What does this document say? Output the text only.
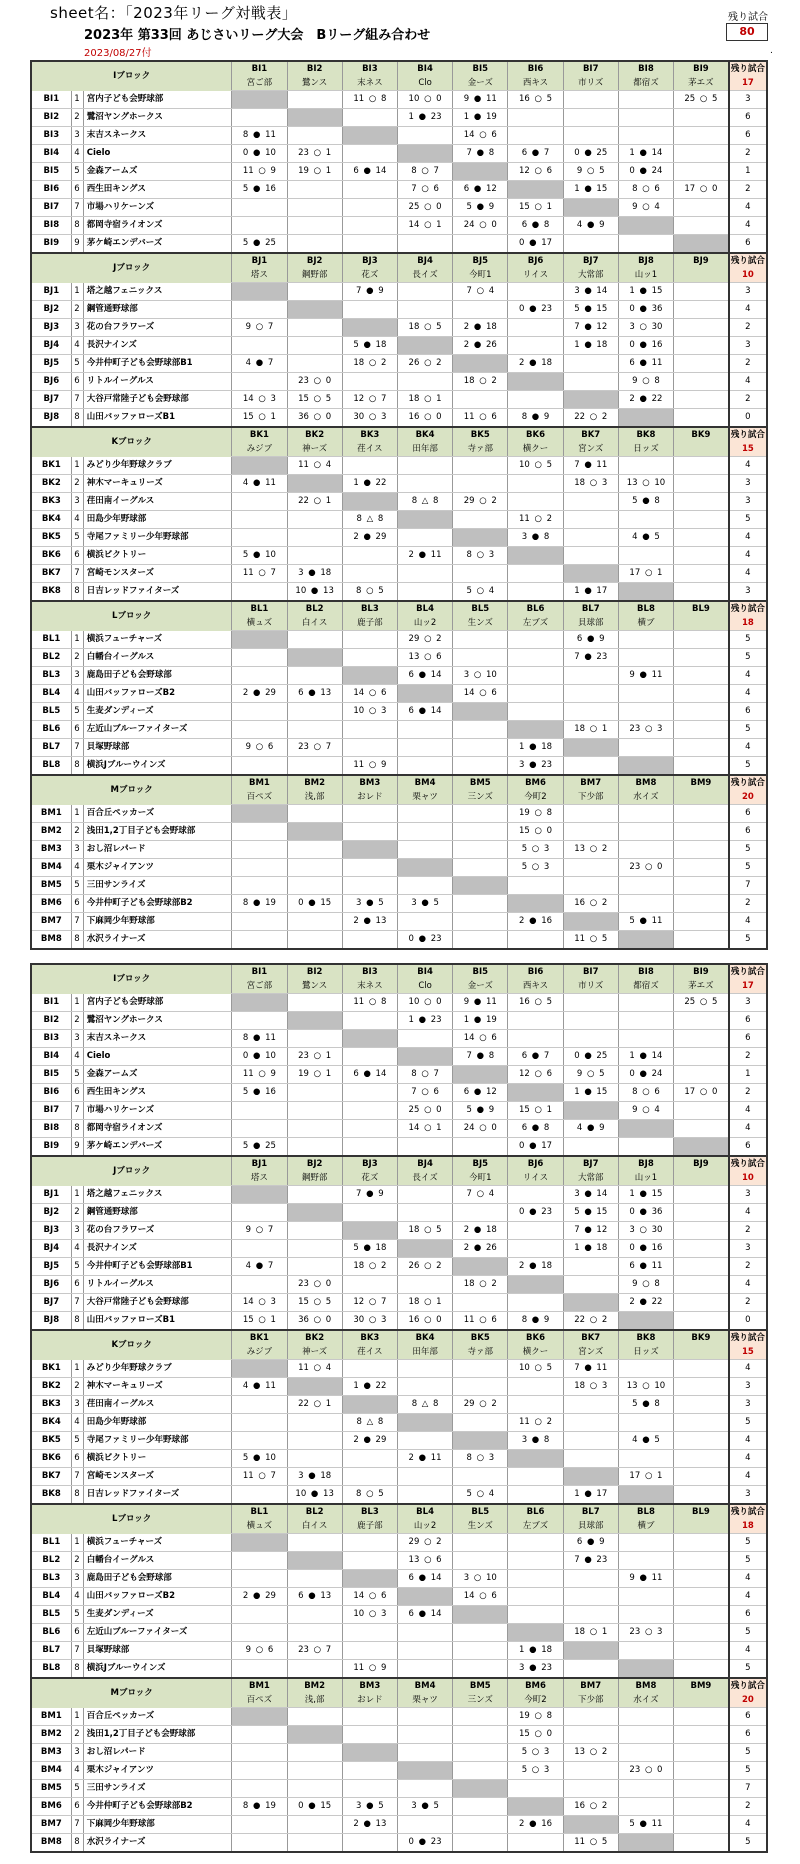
sheet名：「2023年リーグ対戦表」
2023年 第33回 あじさいリーグ大会　Bリーグ組み合わせ
2023/08/27付
残り試合
80
.
Iブロック			BI1	BI2	BI3	BI4	BI5	BI6	BI7	BI8	BI9	残り試合
			宮ご部	鷺ンス	末ネス	Clo	金ーズ	西キス	市リズ	都宿ズ	茅エズ	17
BI1	1	宮内子ども会野球部			11 ○ 8	10 ○ 0	9 ● 11	16 ○ 5			25 ○ 5	3
BI2	2	鷺沼ヤングホークス				1 ● 23	1 ● 19					6
BI3	3	末吉スネークス	8 ● 11				14 ○ 6					6
BI4	4	Cielo	0 ● 10	23 ○ 1			7 ● 8	6 ● 7	0 ● 25	1 ● 14		2
BI5	5	金森アームズ	11 ○ 9	19 ○ 1	6 ● 14	8 ○ 7		12 ○ 6	9 ○ 5	0 ● 24		1
BI6	6	西生田キングス	5 ● 16			7 ○ 6	6 ● 12		1 ● 15	8 ○ 6	17 ○ 0	2
BI7	7	市場ハリケーンズ				25 ○ 0	5 ● 9	15 ○ 1		9 ○ 4		4
BI8	8	都岡寺宿ライオンズ				14 ○ 1	24 ○ 0	6 ● 8	4 ● 9			4
BI9	9	茅ケ崎エンデバーズ	5 ● 25					0 ● 17				6
Jブロック			BJ1	BJ2	BJ3	BJ4	BJ5	BJ6	BJ7	BJ8	BJ9	残り試合
			塔ス	鋼野部	花ズ	長イズ	今町1	リイス	大常部	山ッ1		10
BJ1	1	塔之越フェニックス			7 ● 9		7 ○ 4		3 ● 14	1 ● 15		3
BJ2	2	鋼管通野球部						0 ● 23	5 ● 15	0 ● 36		4
BJ3	3	花の台フラワーズ	9 ○ 7			18 ○ 5	2 ● 18		7 ● 12	3 ○ 30		2
BJ4	4	長沢ナインズ			5 ● 18		2 ● 26		1 ● 18	0 ● 16		3
BJ5	5	今井仲町子ども会野球部B1	4 ● 7		18 ○ 2	26 ○ 2		2 ● 18		6 ● 11		2
BJ6	6	リトルイーグルス		23 ○ 0			18 ○ 2			9 ○ 8		4
BJ7	7	大谷戸常陸子ども会野球部	14 ○ 3	15 ○ 5	12 ○ 7	18 ○ 1				2 ● 22		2
BJ8	8	山田バッファローズB1	15 ○ 1	36 ○ 0	30 ○ 3	16 ○ 0	11 ○ 6	8 ● 9	22 ○ 2			0
Kブロック			BK1	BK2	BK3	BK4	BK5	BK6	BK7	BK8	BK9	残り試合
			みジブ	神ーズ	荏イス	田年部	寺ァ部	横クー	宮ンズ	日ッズ		15
BK1	1	みどり少年野球クラブ		11 ○ 4				10 ○ 5	7 ● 11			4
BK2	2	神木マーキュリーズ	4 ● 11		1 ● 22				18 ○ 3	13 ○ 10		3
BK3	3	荏田南イーグルス		22 ○ 1		8 △ 8	29 ○ 2			5 ● 8		3
BK4	4	田島少年野球部			8 △ 8			11 ○ 2				5
BK5	5	寺尾ファミリー少年野球部			2 ● 29			3 ● 8		4 ● 5		4
BK6	6	横浜ビクトリー	5 ● 10			2 ● 11	8 ○ 3					4
BK7	7	宮崎モンスターズ	11 ○ 7	3 ● 18						17 ○ 1		4
BK8	8	日吉レッドファイターズ		10 ● 13	8 ○ 5		5 ○ 4		1 ● 17			3
Lブロック			BL1	BL2	BL3	BL4	BL5	BL6	BL7	BL8	BL9	残り試合
			横ュズ	白イス	鹿子部	山ッ2	生ンズ	左ブズ	貝球部	横ブ		18
BL1	1	横浜フューチャーズ				29 ○ 2			6 ● 9			5
BL2	2	白幡台イーグルス				13 ○ 6			7 ● 23			5
BL3	3	鹿島田子ども会野球部				6 ● 14	3 ○ 10			9 ● 11		4
BL4	4	山田バッファローズB2	2 ● 29	6 ● 13	14 ○ 6		14 ○ 6					4
BL5	5	生麦ダンディーズ			10 ○ 3	6 ● 14						6
BL6	6	左近山ブルーファイターズ							18 ○ 1	23 ○ 3		5
BL7	7	貝塚野球部	9 ○ 6	23 ○ 7				1 ● 18				4
BL8	8	横浜Jブルーウインズ			11 ○ 9			3 ● 23				5
Mブロック			BM1	BM2	BM3	BM4	BM5	BM6	BM7	BM8	BM9	残り試合
			百ペズ	浅,部	おレド	栗ャツ	三ンズ	今町2	下少部	水イズ		20
BM1	1	百合丘ペッカーズ						19 ○ 8				6
BM2	2	浅田1,2丁目子ども会野球部						15 ○ 0				6
BM3	3	おし沼レパード						5 ○ 3	13 ○ 2			5
BM4	4	栗木ジャイアンツ						5 ○ 3		23 ○ 0		5
BM5	5	三田サンライズ										7
BM6	6	今井仲町子ども会野球部B2	8 ● 19	0 ● 15	3 ● 5	3 ● 5			16 ○ 2			2
BM7	7	下麻岡少年野球部			2 ● 13			2 ● 16		5 ● 11		4
BM8	8	水沢ライナーズ				0 ● 23			11 ○ 5			5
Iブロック			BI1	BI2	BI3	BI4	BI5	BI6	BI7	BI8	BI9	残り試合
			宮ご部	鷺ンス	末ネス	Clo	金ーズ	西キス	市リズ	都宿ズ	茅エズ	17
BI1	1	宮内子ども会野球部			11 ○ 8	10 ○ 0	9 ● 11	16 ○ 5			25 ○ 5	3
BI2	2	鷺沼ヤングホークス				1 ● 23	1 ● 19					6
BI3	3	末吉スネークス	8 ● 11				14 ○ 6					6
BI4	4	Cielo	0 ● 10	23 ○ 1			7 ● 8	6 ● 7	0 ● 25	1 ● 14		2
BI5	5	金森アームズ	11 ○ 9	19 ○ 1	6 ● 14	8 ○ 7		12 ○ 6	9 ○ 5	0 ● 24		1
BI6	6	西生田キングス	5 ● 16			7 ○ 6	6 ● 12		1 ● 15	8 ○ 6	17 ○ 0	2
BI7	7	市場ハリケーンズ				25 ○ 0	5 ● 9	15 ○ 1		9 ○ 4		4
BI8	8	都岡寺宿ライオンズ				14 ○ 1	24 ○ 0	6 ● 8	4 ● 9			4
BI9	9	茅ケ崎エンデバーズ	5 ● 25					0 ● 17				6
Jブロック			BJ1	BJ2	BJ3	BJ4	BJ5	BJ6	BJ7	BJ8	BJ9	残り試合
			塔ス	鋼野部	花ズ	長イズ	今町1	リイス	大常部	山ッ1		10
BJ1	1	塔之越フェニックス			7 ● 9		7 ○ 4		3 ● 14	1 ● 15		3
BJ2	2	鋼管通野球部						0 ● 23	5 ● 15	0 ● 36		4
BJ3	3	花の台フラワーズ	9 ○ 7			18 ○ 5	2 ● 18		7 ● 12	3 ○ 30		2
BJ4	4	長沢ナインズ			5 ● 18		2 ● 26		1 ● 18	0 ● 16		3
BJ5	5	今井仲町子ども会野球部B1	4 ● 7		18 ○ 2	26 ○ 2		2 ● 18		6 ● 11		2
BJ6	6	リトルイーグルス		23 ○ 0			18 ○ 2			9 ○ 8		4
BJ7	7	大谷戸常陸子ども会野球部	14 ○ 3	15 ○ 5	12 ○ 7	18 ○ 1				2 ● 22		2
BJ8	8	山田バッファローズB1	15 ○ 1	36 ○ 0	30 ○ 3	16 ○ 0	11 ○ 6	8 ● 9	22 ○ 2			0
Kブロック			BK1	BK2	BK3	BK4	BK5	BK6	BK7	BK8	BK9	残り試合
			みジブ	神ーズ	荏イス	田年部	寺ァ部	横クー	宮ンズ	日ッズ		15
BK1	1	みどり少年野球クラブ		11 ○ 4				10 ○ 5	7 ● 11			4
BK2	2	神木マーキュリーズ	4 ● 11		1 ● 22				18 ○ 3	13 ○ 10		3
BK3	3	荏田南イーグルス		22 ○ 1		8 △ 8	29 ○ 2			5 ● 8		3
BK4	4	田島少年野球部			8 △ 8			11 ○ 2				5
BK5	5	寺尾ファミリー少年野球部			2 ● 29			3 ● 8		4 ● 5		4
BK6	6	横浜ビクトリー	5 ● 10			2 ● 11	8 ○ 3					4
BK7	7	宮崎モンスターズ	11 ○ 7	3 ● 18						17 ○ 1		4
BK8	8	日吉レッドファイターズ		10 ● 13	8 ○ 5		5 ○ 4		1 ● 17			3
Lブロック			BL1	BL2	BL3	BL4	BL5	BL6	BL7	BL8	BL9	残り試合
			横ュズ	白イス	鹿子部	山ッ2	生ンズ	左ブズ	貝球部	横ブ		18
BL1	1	横浜フューチャーズ				29 ○ 2			6 ● 9			5
BL2	2	白幡台イーグルス				13 ○ 6			7 ● 23			5
BL3	3	鹿島田子ども会野球部				6 ● 14	3 ○ 10			9 ● 11		4
BL4	4	山田バッファローズB2	2 ● 29	6 ● 13	14 ○ 6		14 ○ 6					4
BL5	5	生麦ダンディーズ			10 ○ 3	6 ● 14						6
BL6	6	左近山ブルーファイターズ							18 ○ 1	23 ○ 3		5
BL7	7	貝塚野球部	9 ○ 6	23 ○ 7				1 ● 18				4
BL8	8	横浜Jブルーウインズ			11 ○ 9			3 ● 23				5
Mブロック			BM1	BM2	BM3	BM4	BM5	BM6	BM7	BM8	BM9	残り試合
			百ペズ	浅,部	おレド	栗ャツ	三ンズ	今町2	下少部	水イズ		20
BM1	1	百合丘ペッカーズ						19 ○ 8				6
BM2	2	浅田1,2丁目子ども会野球部						15 ○ 0				6
BM3	3	おし沼レパード						5 ○ 3	13 ○ 2			5
BM4	4	栗木ジャイアンツ						5 ○ 3		23 ○ 0		5
BM5	5	三田サンライズ										7
BM6	6	今井仲町子ども会野球部B2	8 ● 19	0 ● 15	3 ● 5	3 ● 5			16 ○ 2			2
BM7	7	下麻岡少年野球部			2 ● 13			2 ● 16		5 ● 11		4
BM8	8	水沢ライナーズ				0 ● 23			11 ○ 5			5
